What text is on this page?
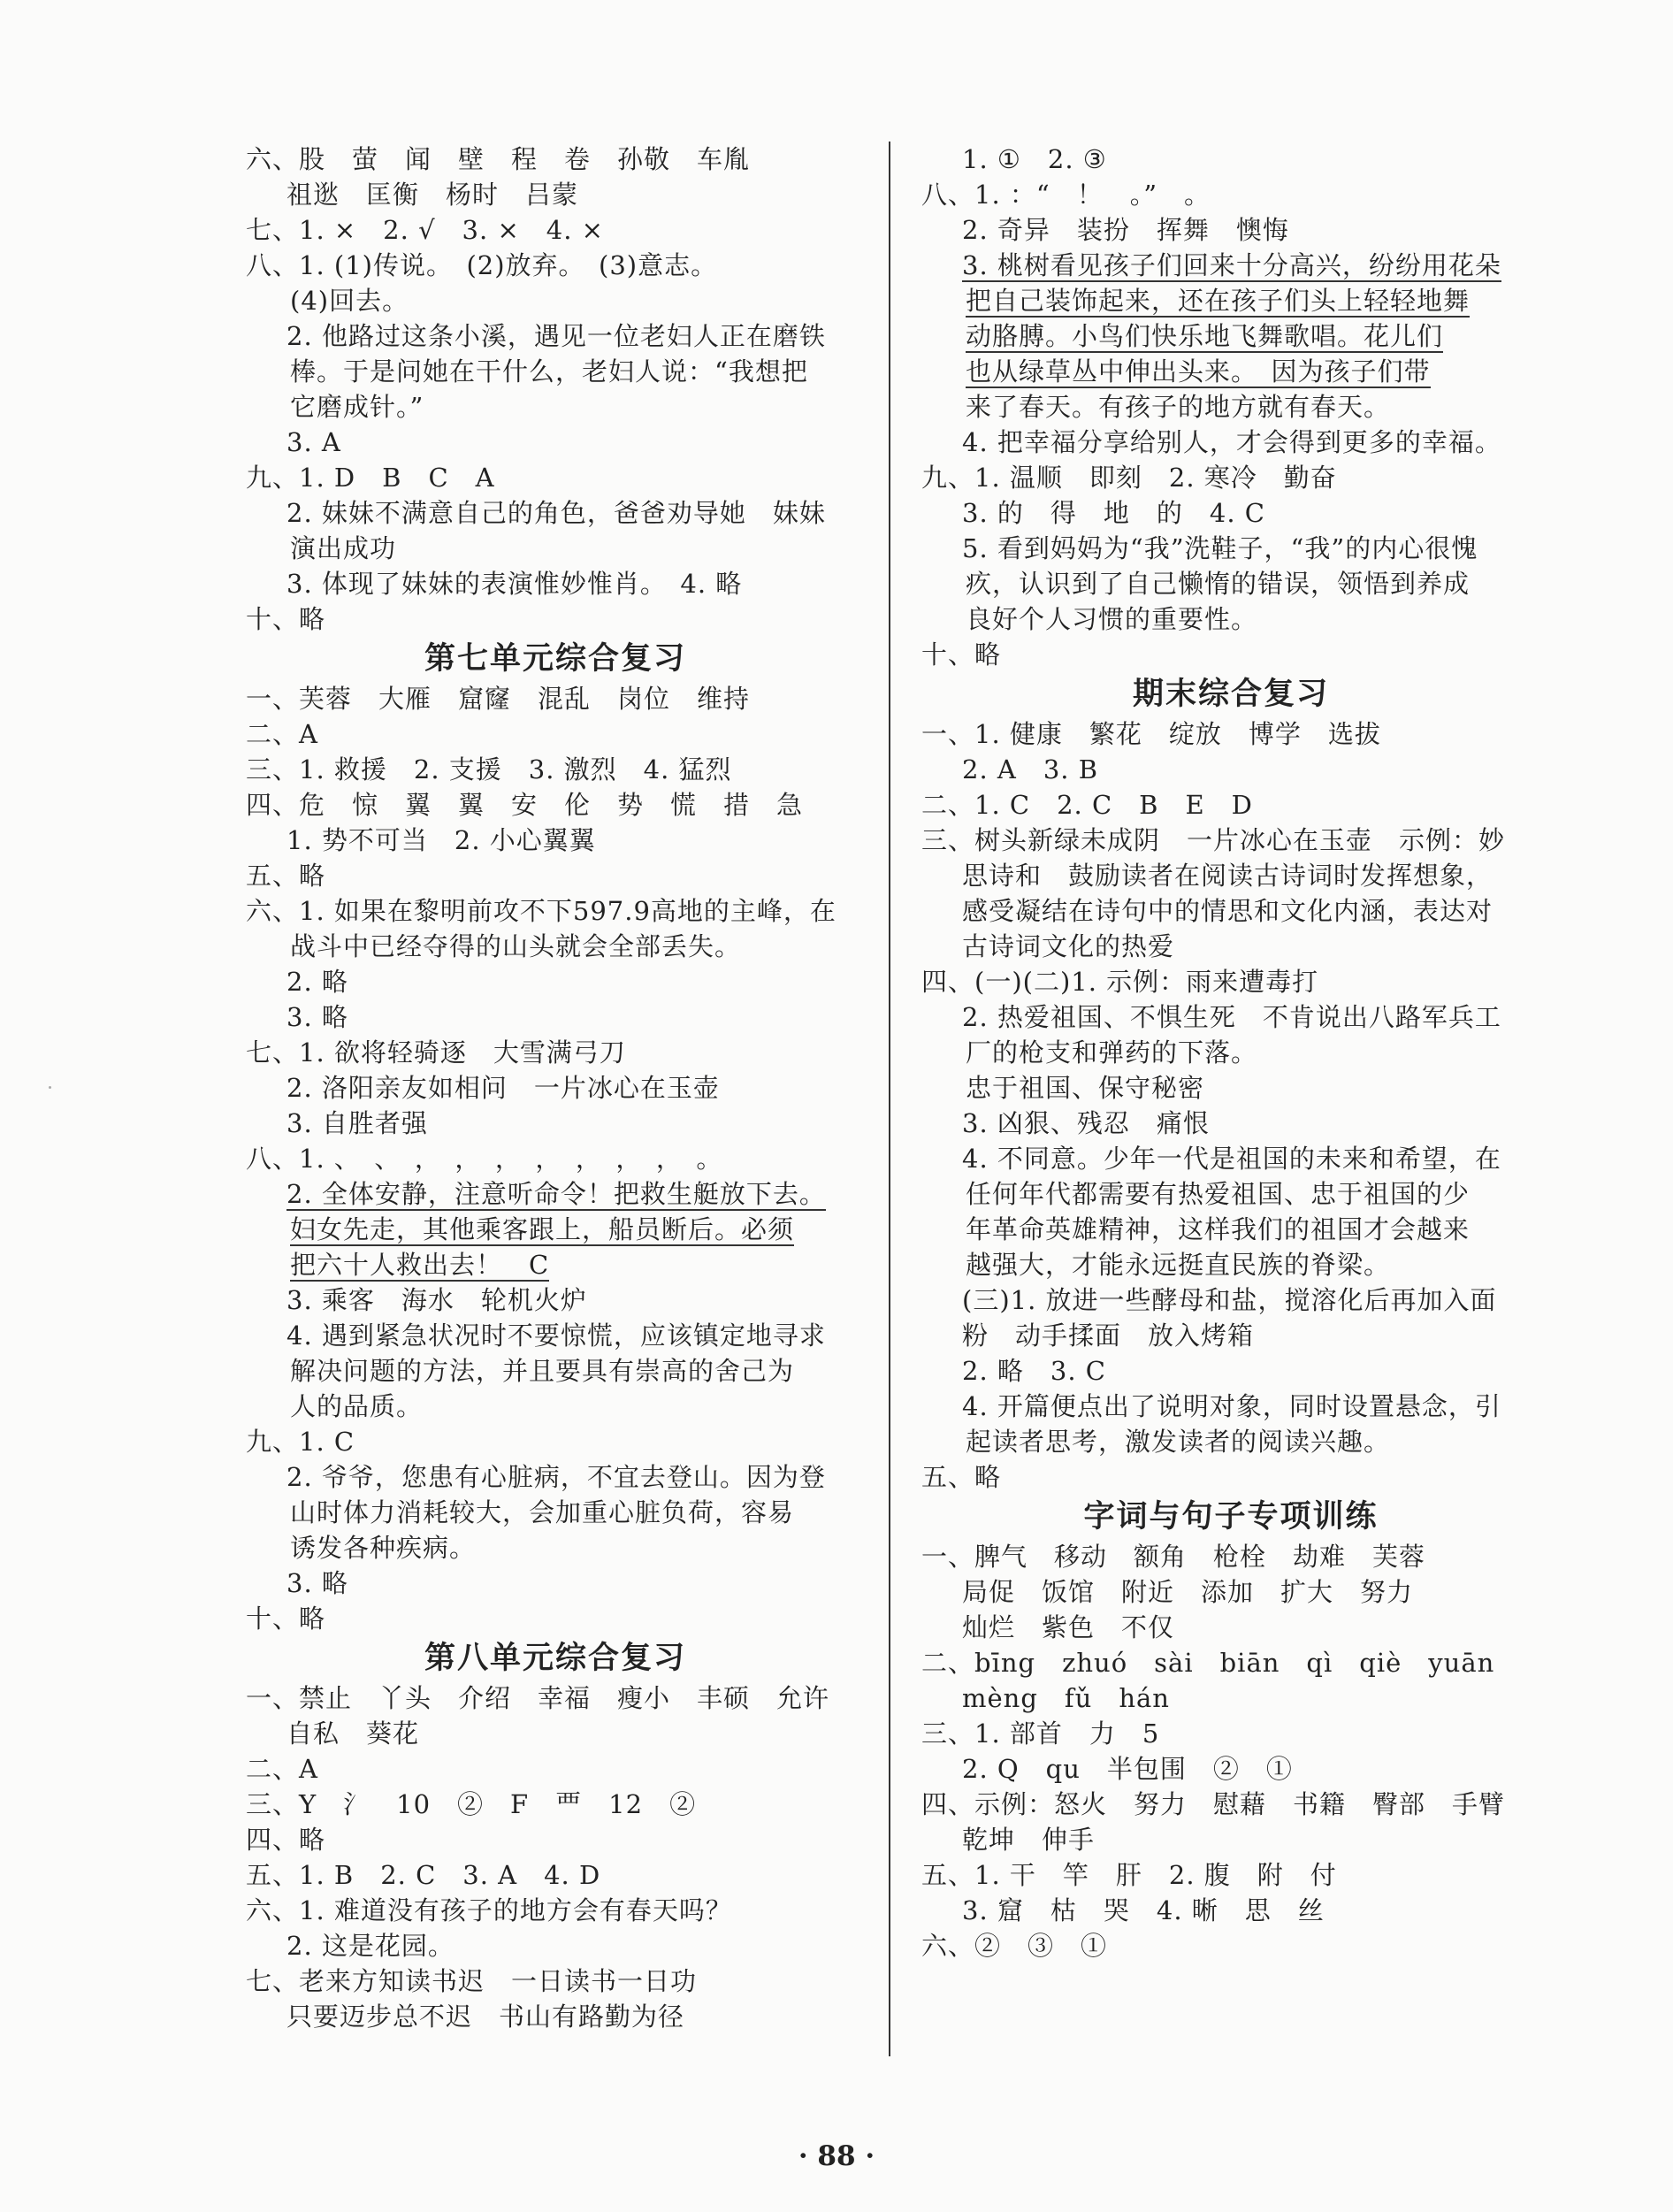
六、股　萤　闻　壁　程　卷　孙敬　车胤
祖逖　匡衡　杨时　吕蒙
七、1. ×　2. √　3. ×　4. ×
八、1. (1)传说。　(2)放弃。　(3)意志。
(4)回去。
2. 他路过这条小溪，遇见一位老妇人正在磨铁
棒。于是问她在干什么，老妇人说：“我想把
它磨成针。”
3. A
九、1. D　B　C　A
2. 妹妹不满意自己的角色，爸爸劝导她　妹妹
演出成功
3. 体现了妹妹的表演惟妙惟肖。　4. 略
十、略
第七单元综合复习
一、芙蓉　大雁　窟窿　混乱　岗位　维持
二、A
三、1. 救援　2. 支援　3. 激烈　4. 猛烈
四、危　惊　翼　翼　安　伦　势　慌　措　急
1. 势不可当　2. 小心翼翼
五、略
六、1. 如果在黎明前攻不下597.9高地的主峰，在
战斗中已经夺得的山头就会全部丢失。
2. 略
3. 略
七、1. 欲将轻骑逐　大雪满弓刀
2. 洛阳亲友如相问　一片冰心在玉壶
3. 自胜者强
八、1. 、　、　，　，　，　，　，　，　，　。
2. 全体安静，注意听命令！把救生艇放下去。
妇女先走，其他乘客跟上，船员断后。必须
把六十人救出去！　C
3. 乘客　海水　轮机火炉
4. 遇到紧急状况时不要惊慌，应该镇定地寻求
解决问题的方法，并且要具有崇高的舍己为
人的品质。
九、1. C
2. 爷爷，您患有心脏病，不宜去登山。因为登
山时体力消耗较大，会加重心脏负荷，容易
诱发各种疾病。
3. 略
十、略
第八单元综合复习
一、禁止　丫头　介绍　幸福　瘦小　丰硕　允许
自私　葵花
二、A
三、Y　氵　10　②　F　覀　12　②
四、略
五、1. B　2. C　3. A　4. D
六、1. 难道没有孩子的地方会有春天吗？
2. 这是花园。
七、老来方知读书迟　一日读书一日功
只要迈步总不迟　书山有路勤为径
1. ①　2. ③
八、1. ：“　！　。”　。
2. 奇异　装扮　挥舞　懊悔
3. 桃树看见孩子们回来十分高兴，纷纷用花朵
把自己装饰起来，还在孩子们头上轻轻地舞
动胳膊。小鸟们快乐地飞舞歌唱。花儿们
也从绿草丛中伸出头来。　因为孩子们带
来了春天。有孩子的地方就有春天。
4. 把幸福分享给别人，才会得到更多的幸福。
九、1. 温顺　即刻　2. 寒冷　勤奋
3. 的　得　地　的　4. C
5. 看到妈妈为“我”洗鞋子，“我”的内心很愧
疚，认识到了自己懒惰的错误，领悟到养成
良好个人习惯的重要性。
十、略
期末综合复习
一、1. 健康　繁花　绽放　博学　选拔
2. A　3. B
二、1. C　2. C　B　E　D
三、树头新绿未成阴　一片冰心在玉壶　示例：妙
思诗和　鼓励读者在阅读古诗词时发挥想象，
感受凝结在诗句中的情思和文化内涵，表达对
古诗词文化的热爱
四、(一)(二)1. 示例：雨来遭毒打
2. 热爱祖国、不惧生死　不肯说出八路军兵工
厂的枪支和弹药的下落。
忠于祖国、保守秘密
3. 凶狠、残忍　痛恨
4. 不同意。少年一代是祖国的未来和希望，在
任何年代都需要有热爱祖国、忠于祖国的少
年革命英雄精神，这样我们的祖国才会越来
越强大，才能永远挺直民族的脊梁。
(三)1. 放进一些酵母和盐，搅溶化后再加入面
粉　动手揉面　放入烤箱
2. 略　3. C
4. 开篇便点出了说明对象，同时设置悬念，引
起读者思考，激发读者的阅读兴趣。
五、略
字词与句子专项训练
一、脾气　移动　额角　枪栓　劫难　芙蓉
局促　饭馆　附近　添加　扩大　努力
灿烂　紫色　不仅
二、bīng　zhuó　sài　biān　qì　qiè　yuān
mèng　fǔ　hán
三、1. 部首　力　5
2. Q　qu　半包围　②　①
四、示例：怒火　努力　慰藉　书籍　臀部　手臂
乾坤　伸手
五、1. 干　竿　肝　2. 腹　附　付
3. 窟　枯　哭　4. 晰　思　丝
六、②　③　①
· 88 ·
